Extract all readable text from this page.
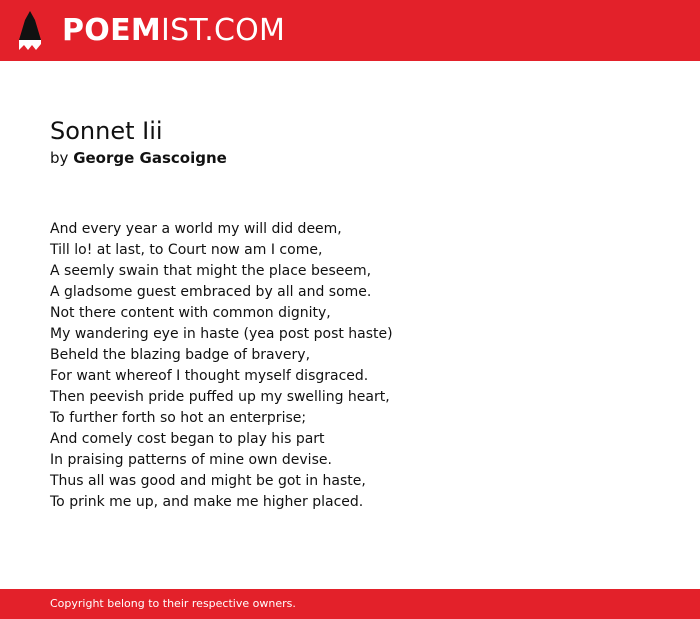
POEMIST.COM
Sonnet Iii
by George Gascoigne
And every year a world my will did deem,
Till lo! at last, to Court now am I come,
A seemly swain that might the place beseem,
A gladsome guest embraced by all and some.
Not there content with common dignity,
My wandering eye in haste (yea post post haste)
Beheld the blazing badge of bravery,
For want whereof I thought myself disgraced.
Then peevish pride puffed up my swelling heart,
To further forth so hot an enterprise;
And comely cost began to play his part
In praising patterns of mine own devise.
Thus all was good and might be got in haste,
To prink me up, and make me higher placed.
Copyright belong to their respective owners.
